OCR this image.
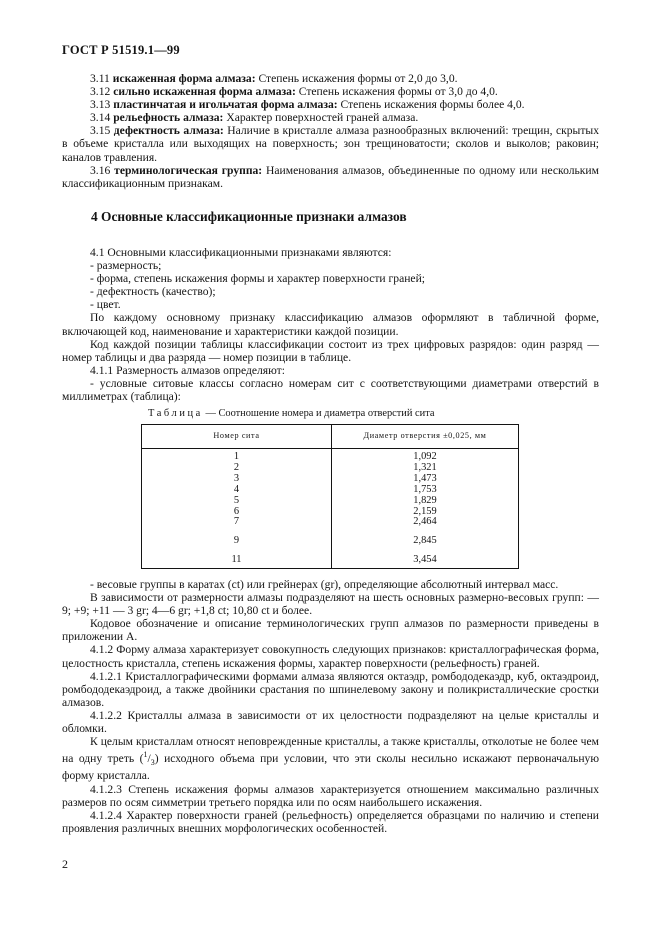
ГОСТ Р 51519.1—99

3.11 искаженная форма алмаза: Степень искажения формы от 2,0 до 3,0.

3.12 сильно искаженная форма алмаза: Степень искажения формы от 3,0 до 4,0.

3.13 пластинчатая и игольчатая форма алмаза: Степень искажения формы более 4,0.

3.14 рельефность алмаза: Характер поверхностей граней алмаза.

3.15 дефектность алмаза: Наличие в кристалле алмаза разнообразных включений: трещин, скрытых в объеме кристалла или выходящих на поверхность; зон трещиноватости; сколов и выколов; раковин; каналов травления.

3.16 терминологическая группа: Наименования алмазов, объединенные по одному или нескольким классификационным признакам.

4 Основные классификационные признаки алмазов

4.1 Основными классификационными признаками являются:

- размерность;

- форма, степень искажения формы и характер поверхности граней;

- дефектность (качество);

- цвет.

По каждому основному признаку классификацию алмазов оформляют в табличной форме, включающей код, наименование и характеристики каждой позиции.

Код каждой позиции таблицы классификации состоит из трех цифровых разрядов: один разряд — номер таблицы и два разряда — номер позиции в таблице.

4.1.1 Размерность алмазов определяют:

- условные ситовые классы согласно номерам сит с соответствующими диаметрами отверстий в миллиметрах (таблица):

Таблица — Соотношение номера и диаметра отверстий сита
Номер сита	Диаметр отверстия ±0,025, мм
1	1,092
2	1,321
3	1,473
4	1,753
5	1,829
6	2,159
7	2,464
9	2,845
11	3,454

- весовые группы в каратах (ct) или грейнерах (gr), определяющие абсолютный интервал масс.

В зависимости от размерности алмазы подразделяют на шесть основных размерно-весовых групп: —9; +9; +11 — 3 gr; 4—6 gr; +1,8 ct; 10,80 ct и более.

Кодовое обозначение и описание терминологических групп алмазов по размерности приведены в приложении А.

4.1.2 Форму алмаза характеризует совокупность следующих признаков: кристаллографическая форма, целостность кристалла, степень искажения формы, характер поверхности (рельефность) граней.

4.1.2.1 Кристаллографическими формами алмаза являются октаэдр, ромбододекаэдр, куб, октаэдроид, ромбододекаэдроид, а также двойники срастания по шпинелевому закону и поликристаллические сростки алмазов.

4.1.2.2 Кристаллы алмаза в зависимости от их целостности подразделяют на целые кристаллы и обломки.

К целым кристаллам относят неповрежденные кристаллы, а также кристаллы, отколотые не более чем на одну треть $(^1/_3)$ исходного объема при условии, что эти сколы несильно искажают первоначальную форму кристалла.

4.1.2.3 Степень искажения формы алмазов характеризуется отношением максимально различных размеров по осям симметрии третьего порядка или по осям наибольшего искажения.

4.1.2.4 Характер поверхности граней (рельефность) определяется образцами по наличию и степени проявления различных внешних морфологических особенностей.

2
